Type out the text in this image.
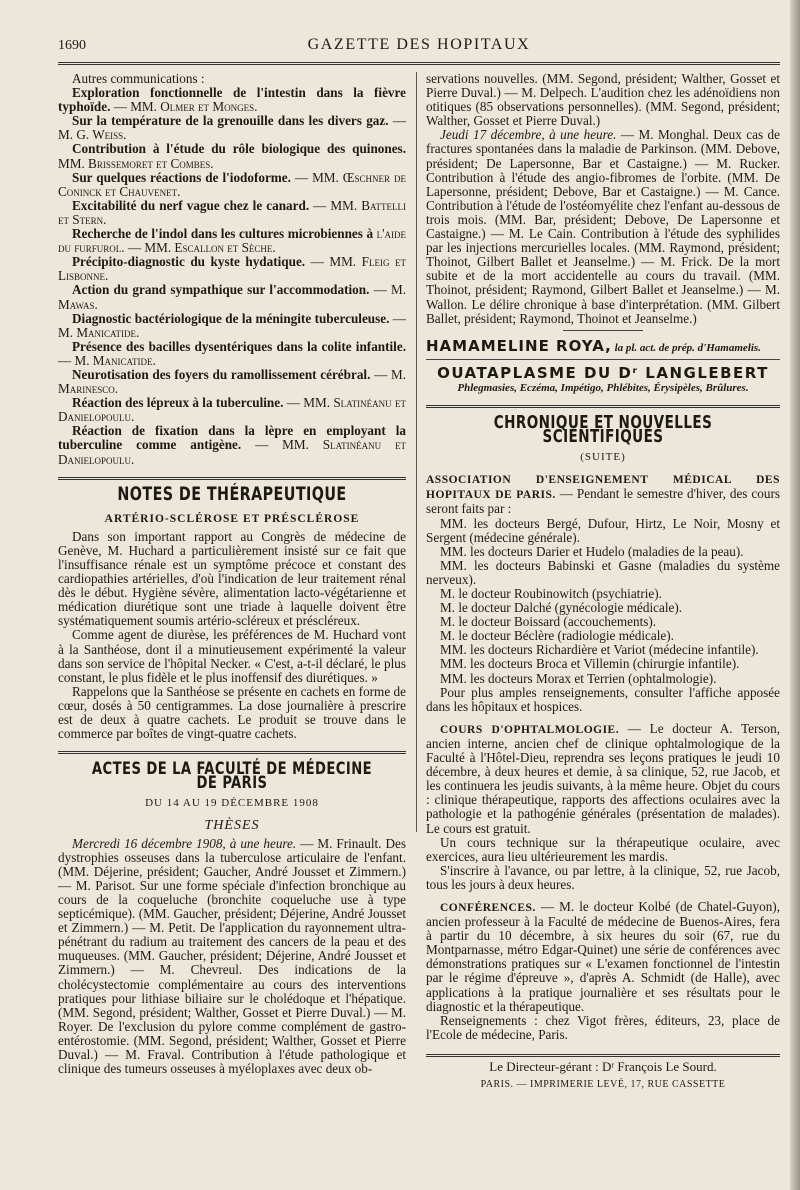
1690	GAZETTE DES HOPITAUX

Autres communications :

Exploration fonctionnelle de l'intestin dans la fièvre typhoïde. — MM. Olmer et Monges.

Sur la température de la grenouille dans les divers gaz. — M. G. Weiss.

Contribution à l'étude du rôle biologique des quinones. MM. Brissemoret et Combes.

Sur quelques réactions de l'iodoforme. — MM. Œschner de Coninck et Chauvenet.

Excitabilité du nerf vague chez le canard. — MM. Battelli et Stern.

Recherche de l'indol dans les cultures microbiennes à l'aide du furfurol. — MM. Escallon et Sèche.

Précipito-diagnostic du kyste hydatique. — MM. Fleig et Lisbonne.

Action du grand sympathique sur l'accommodation. — M. Mawas.

Diagnostic bactériologique de la méningite tuberculeuse. — M. Manicatide.

Présence des bacilles dysentériques dans la colite infantile. — M. Manicatide.

Neurotisation des foyers du ramollissement cérébral. — M. Marinesco.

Réaction des lépreux à la tuberculine. — MM. Slatinéanu et Danielopoulu.

Réaction de fixation dans la lèpre en employant la tuberculine comme antigène. — MM. Slatinéanu et Danielopoulu.

NOTES DE THÉRAPEUTIQUE
ARTÉRIO-SCLÉROSE ET PRÉSCLÉROSE

Dans son important rapport au Congrès de médecine de Genève, M. Huchard a particulièrement insisté sur ce fait que l'insuffisance rénale est un symptôme précoce et constant des cardiopathies artérielles, d'où l'indication de leur traitement rénal dès le début. Hygiène sévère, alimentation lacto-végétarienne et médication diurétique sont une triade à laquelle doivent être systématiquement soumis artério-scléreux et préscléreux.

Comme agent de diurèse, les préférences de M. Huchard vont à la Santhéose, dont il a minutieusement expérimenté la valeur dans son service de l'hôpital Necker. « C'est, a-t-il déclaré, le plus constant, le plus fidèle et le plus inoffensif des diurétiques. »

Rappelons que la Santhéose se présente en cachets en forme de cœur, dosés à 50 centigrammes. La dose journalière à prescrire est de deux à quatre cachets. Le produit se trouve dans le commerce par boîtes de vingt-quatre cachets.

ACTES DE LA FACULTÉ DE MÉDECINE DE PARIS
DU 14 AU 19 DÉCEMBRE 1908
THÈSES

Mercredi 16 décembre 1908, à une heure. — M. Frinault. Des dystrophies osseuses dans la tuberculose articulaire de l'enfant. (MM. Déjerine, président; Gaucher, André Jousset et Zimmern.) — M. Parisot. Sur une forme spéciale d'infection bronchique au cours de la coqueluche (bronchite coqueluche use à type septicémique). (MM. Gaucher, président; Déjerine, André Jousset et Zimmern.) — M. Petit. De l'application du rayonnement ultra-pénétrant du radium au traitement des cancers de la peau et des muqueuses. (MM. Gaucher, président; Déjerine, André Jousset et Zimmern.) — M. Chevreul. Des indications de la cholécystectomie complémentaire au cours des interventions pratiques pour lithiase biliaire sur le cholédoque et l'hépatique. (MM. Segond, président; Walther, Gosset et Pierre Duval.) — M. Royer. De l'exclusion du pylore comme complément de gastro-entérostomie. (MM. Segond, président; Walther, Gosset et Pierre Duval.) — M. Fraval. Contribution à l'étude pathologique et clinique des tumeurs osseuses à myéloplaxes avec deux ob-

servations nouvelles. (MM. Segond, président; Walther, Gosset et Pierre Duval.) — M. Delpech. L'audition chez les adénoïdiens non otitiques (85 observations personnelles). (MM. Segond, président; Walther, Gosset et Pierre Duval.)

Jeudi 17 décembre, à une heure. — M. Monghal. Deux cas de fractures spontanées dans la maladie de Parkinson. (MM. Debove, président; De Lapersonne, Bar et Castaigne.) — M. Rucker. Contribution à l'étude des angio-fibromes de l'orbite. (MM. De Lapersonne, président; Debove, Bar et Castaigne.) — M. Cance. Contribution à l'étude de l'ostéomyélite chez l'enfant au-dessous de trois mois. (MM. Bar, président; Debove, De Lapersonne et Castaigne.) — M. Le Cain. Contribution à l'étude des syphilides par les injections mercurielles locales. (MM. Raymond, président; Thoinot, Gilbert Ballet et Jeanselme.) — M. Frick. De la mort subite et de la mort accidentelle au cours du travail. (MM. Thoinot, président; Raymond, Gilbert Ballet et Jeanselme.) — M. Wallon. Le délire chronique à base d'interprétation. (MM. Gilbert Ballet, président; Raymond, Thoinot et Jeanselme.)

HAMAMELINE ROYA, la pl. act. de prép. d'Hamamelis.
OUATAPLASME DU Dʳ LANGLEBERT
Phlegmasies, Eczéma, Impétigo, Phlébites, Érysipèles, Brûlures.
CHRONIQUE ET NOUVELLES SCIENTIFIQUES
(SUITE)

ASSOCIATION D'ENSEIGNEMENT MÉDICAL DES HOPITAUX DE PARIS. — Pendant le semestre d'hiver, des cours seront faits par :

MM. les docteurs Bergé, Dufour, Hirtz, Le Noir, Mosny et Sergent (médecine générale).

MM. les docteurs Darier et Hudelo (maladies de la peau).

MM. les docteurs Babinski et Gasne (maladies du système nerveux).

M. le docteur Roubinowitch (psychiatrie).

M. le docteur Dalché (gynécologie médicale).

M. le docteur Boissard (accouchements).

M. le docteur Béclère (radiologie médicale).

MM. les docteurs Richardière et Variot (médecine infantile).

MM. les docteurs Broca et Villemin (chirurgie infantile).

MM. les docteurs Morax et Terrien (ophtalmologie).

Pour plus amples renseignements, consulter l'affiche apposée dans les hôpitaux et hospices.

COURS D'OPHTALMOLOGIE. — Le docteur A. Terson, ancien interne, ancien chef de clinique ophtalmologique de la Faculté à l'Hôtel-Dieu, reprendra ses leçons pratiques le jeudi 10 décembre, à deux heures et demie, à sa clinique, 52, rue Jacob, et les continuera les jeudis suivants, à la même heure. Objet du cours : clinique thérapeutique, rapports des affections oculaires avec la pathologie et la pathogénie générales (présentation de malades). Le cours est gratuit.

Un cours technique sur la thérapeutique oculaire, avec exercices, aura lieu ultérieurement les mardis.

S'inscrire à l'avance, ou par lettre, à la clinique, 52, rue Jacob, tous les jours à deux heures.

CONFÉRENCES. — M. le docteur Kolbé (de Chatel-Guyon), ancien professeur à la Faculté de médecine de Buenos-Aires, fera à partir du 10 décembre, à six heures du soir (67, rue du Montparnasse, métro Edgar-Quinet) une série de conférences avec démonstrations pratiques sur « L'examen fonctionnel de l'intestin par le régime d'épreuve », d'après A. Schmidt (de Halle), avec applications à la pratique journalière et ses résultats pour le diagnostic et la thérapeutique.

Renseignements : chez Vigot frères, éditeurs, 23, place de l'Ecole de médecine, Paris.

Le Directeur-gérant : Dʳ François Le Sourd.
PARIS. — IMPRIMERIE LEVÉ, 17, RUE CASSETTE
